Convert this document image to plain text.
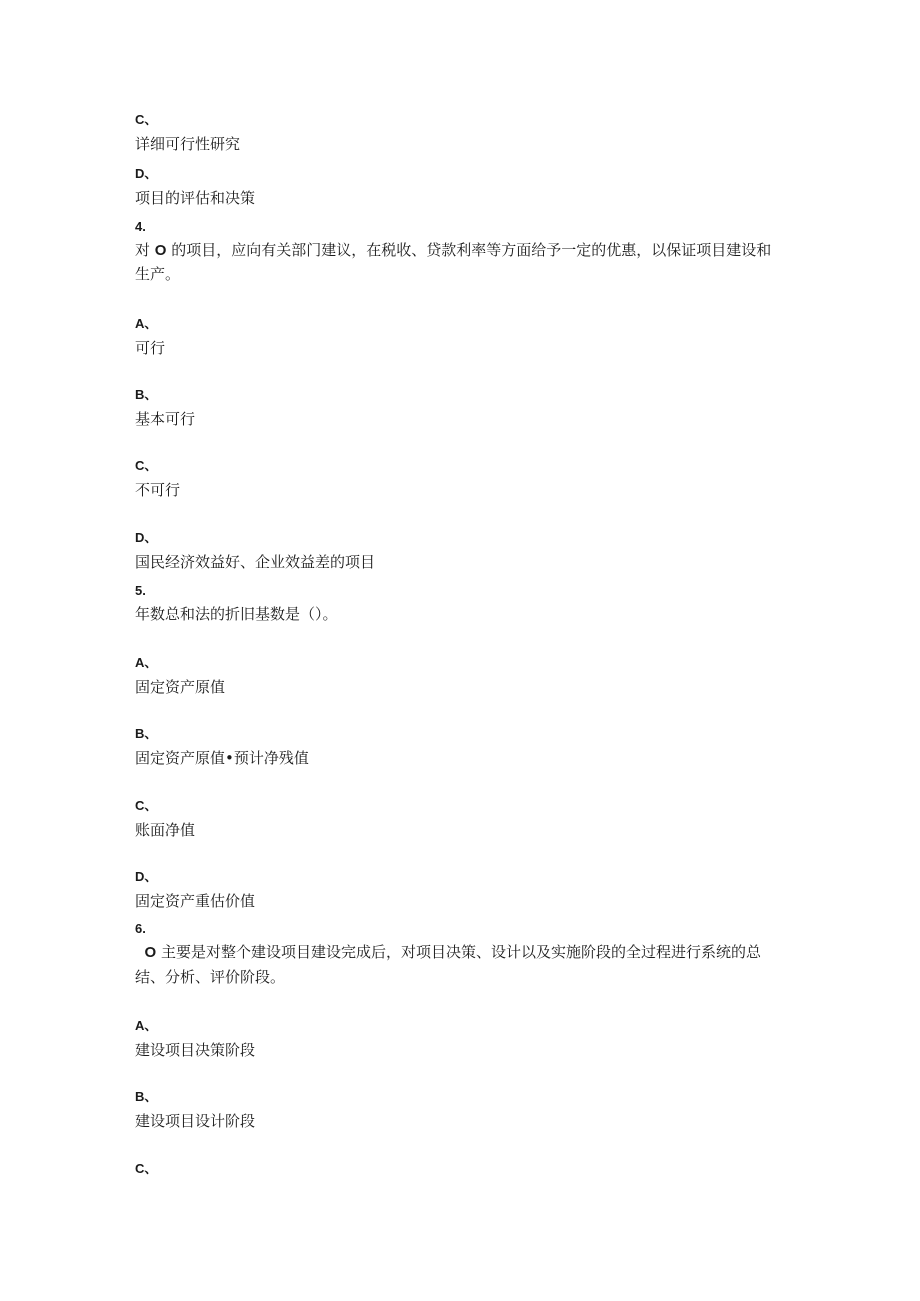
C、
详细可行性研究
D、
项目的评估和决策
4.
对 O 的项目，应向有关部门建议，在税收、贷款利率等方面给予一定的优惠，以保证项目建设和
生产。
A、
可行
B、
基本可行
C、
不可行
D、
国民经济效益好、企业效益差的项目
5.
年数总和法的折旧基数是（）。
A、
固定资产原值
B、
固定资产原值•预计净残值
C、
账面净值
D、
固定资产重估价值
6.
O 主要是对整个建设项目建设完成后，对项目决策、设计以及实施阶段的全过程进行系统的总
结、分析、评价阶段。
A、
建设项目决策阶段
B、
建设项目设计阶段
C、
